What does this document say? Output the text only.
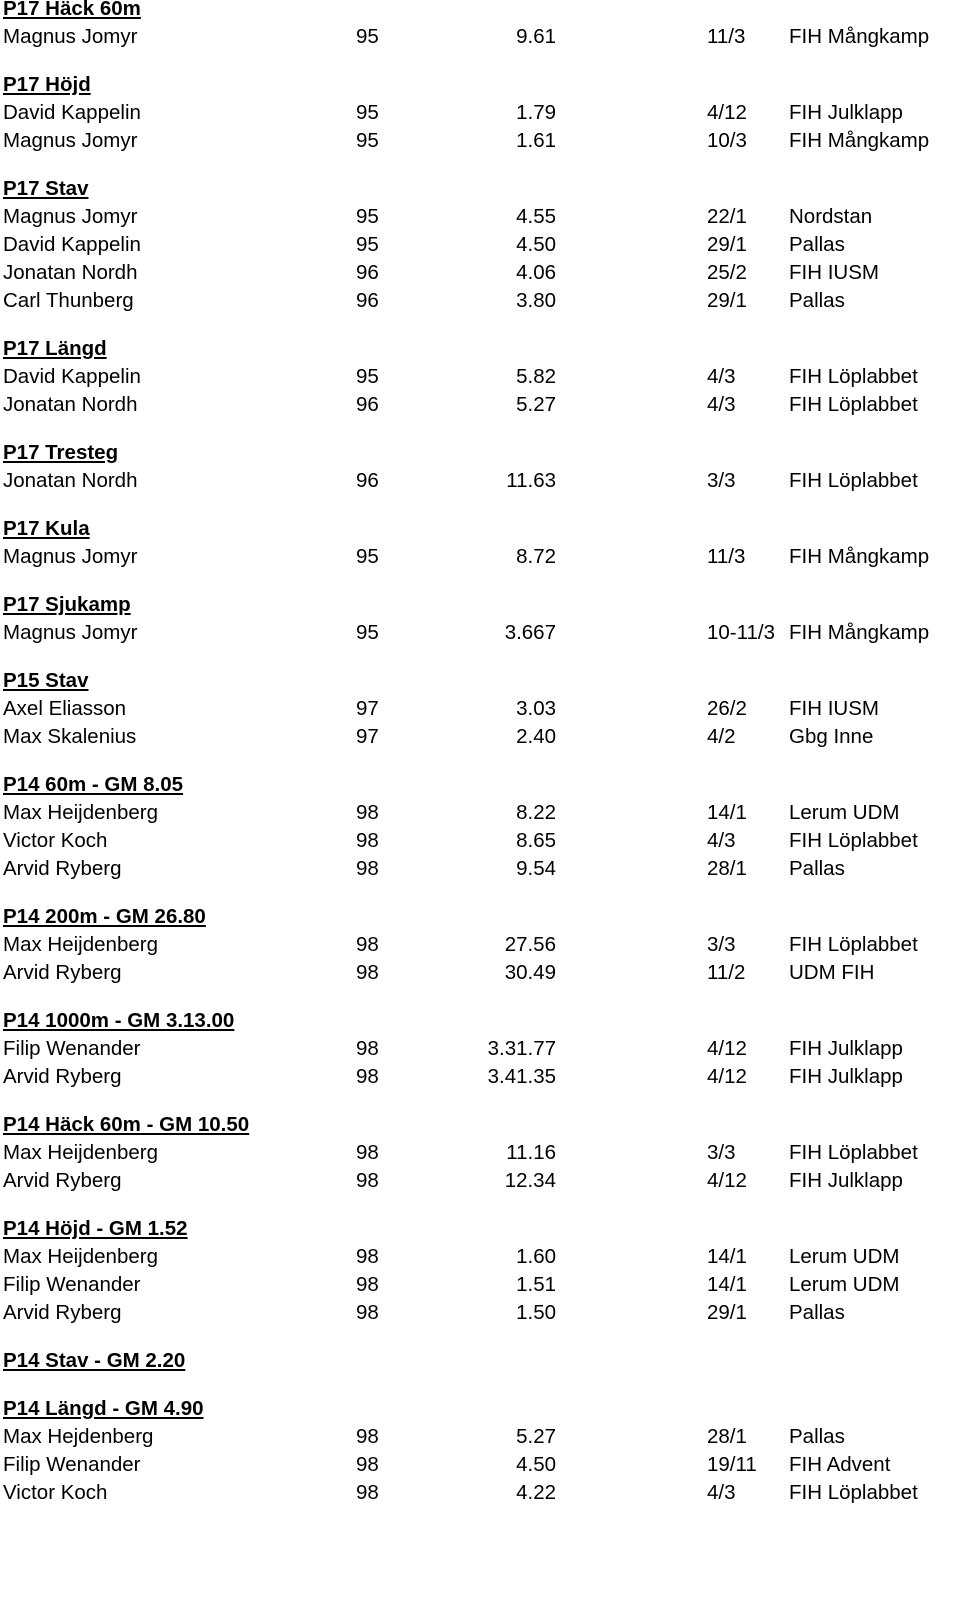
P17 Häck 60m
Magnus Jomyr	95	9.61	11/3 FIH Mångkamp
P17 Höjd
David Kappelin	95	1.79	4/12 FIH Julklapp
Magnus Jomyr	95	1.61	10/3 FIH Mångkamp
P17 Stav
Magnus Jomyr	95	4.55	22/1 Nordstan
David Kappelin	95	4.50	29/1 Pallas
Jonatan Nordh	96	4.06	25/2 FIH IUSM
Carl Thunberg	96	3.80	29/1 Pallas
P17 Längd
David Kappelin	95	5.82	4/3	FIH Löplabbet
Jonatan Nordh	96	5.27	4/3	FIH Löplabbet
P17 Tresteg
Jonatan Nordh	96	11.63	3/3	FIH Löplabbet
P17 Kula
Magnus Jomyr	95	8.72	11/3 FIH Mångkamp
P17 Sjukamp
Magnus Jomyr	95	3.667	10-11/3 FIH Mångkamp
P15 Stav
Axel Eliasson	97	3.03	26/2 FIH IUSM
Max Skalenius	97	2.40	4/2	Gbg Inne
P14 60m - GM 8.05
Max Heijdenberg	98	8.22	14/1 Lerum UDM
Victor Koch	98	8.65	4/3	FIH Löplabbet
Arvid Ryberg	98	9.54	28/1 Pallas
P14 200m - GM 26.80
Max Heijdenberg	98	27.56	3/3	FIH Löplabbet
Arvid Ryberg	98	30.49	11/2 UDM FIH
P14 1000m - GM 3.13.00
Filip Wenander	98	3.31.77	4/12 FIH Julklapp
Arvid Ryberg	98	3.41.35	4/12 FIH Julklapp
P14 Häck 60m - GM 10.50
Max Heijdenberg	98	11.16	3/3	FIH Löplabbet
Arvid Ryberg	98	12.34	4/12 FIH Julklapp
P14 Höjd - GM 1.52
Max Heijdenberg	98	1.60	14/1 Lerum UDM
Filip Wenander	98	1.51	14/1 Lerum UDM
Arvid Ryberg	98	1.50	29/1 Pallas
P14 Stav - GM 2.20
P14 Längd - GM 4.90
Max Hejdenberg	98	5.27	28/1 Pallas
Filip Wenander	98	4.50	19/11 FIH Advent
Victor Koch	98	4.22	4/3	FIH Löplabbet
